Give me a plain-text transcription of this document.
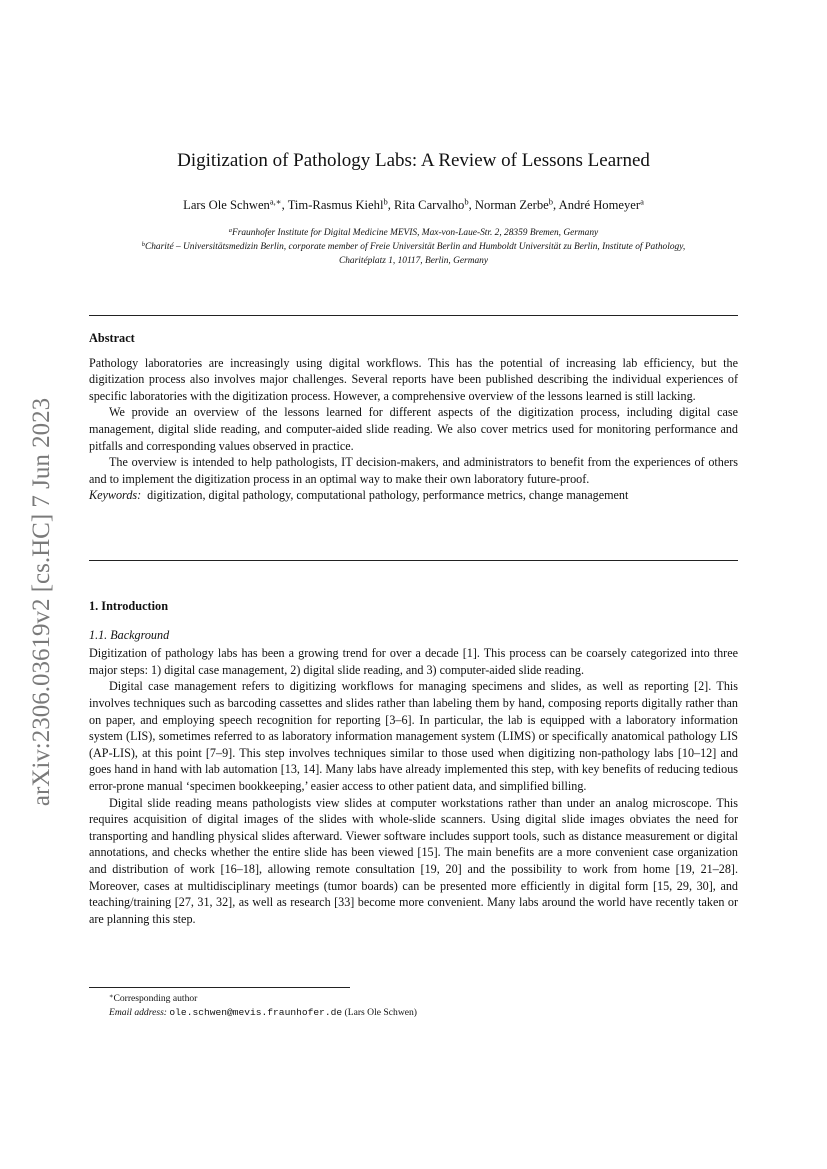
arXiv:2306.03619v2 [cs.HC] 7 Jun 2023
Digitization of Pathology Labs: A Review of Lessons Learned
Lars Ole Schwen$^{a,∗}$, Tim-Rasmus Kiehl$^b$, Rita Carvalho$^b$, Norman Zerbe$^b$, André Homeyer$^a$
$^a$Fraunhofer Institute for Digital Medicine MEVIS, Max-von-Laue-Str. 2, 28359 Bremen, Germany
$^b$Charité – Universitätsmedizin Berlin, corporate member of Freie Universität Berlin and Humboldt Universität zu Berlin, Institute of Pathology,
Charitéplatz 1, 10117, Berlin, Germany
Abstract

Pathology laboratories are increasingly using digital workflows. This has the potential of increasing lab efficiency, but the digitization process also involves major challenges. Several reports have been published describing the individual experiences of specific laboratories with the digitization process. However, a comprehensive overview of the lessons learned is still lacking.

We provide an overview of the lessons learned for different aspects of the digitization process, including digital case management, digital slide reading, and computer-aided slide reading. We also cover metrics used for monitoring performance and pitfalls and corresponding values observed in practice.

The overview is intended to help pathologists, IT decision-makers, and administrators to benefit from the experiences of others and to implement the digitization process in an optimal way to make their own laboratory future-proof.

Keywords: digitization, digital pathology, computational pathology, performance metrics, change management

1. Introduction
1.1. Background

Digitization of pathology labs has been a growing trend for over a decade [1]. This process can be coarsely categorized into three major steps: 1) digital case management, 2) digital slide reading, and 3) computer-aided slide reading.

Digital case management refers to digitizing workflows for managing specimens and slides, as well as reporting [2]. This involves techniques such as barcoding cassettes and slides rather than labeling them by hand, composing reports digitally rather than on paper, and employing speech recognition for reporting [3–6]. In particular, the lab is equipped with a laboratory information system (LIS), sometimes referred to as laboratory information management system (LIMS) or specifically anatomical pathology LIS (AP-LIS), at this point [7–9]. This step involves techniques similar to those used when digitizing non-pathology labs [10–12] and goes hand in hand with lab automation [13, 14]. Many labs have already implemented this step, with key benefits of reducing tedious error-prone manual ‘specimen bookkeeping,’ easier access to other patient data, and simplified billing.

Digital slide reading means pathologists view slides at computer workstations rather than under an analog microscope. This requires acquisition of digital images of the slides with whole-slide scanners. Using digital slide images obviates the need for transporting and handling physical slides afterward. Viewer software includes support tools, such as distance measurement or digital annotations, and checks whether the entire slide has been viewed [15]. The main benefits are a more convenient case organization and distribution of work [16–18], allowing remote consultation [19, 20] and the possibility to work from home [19, 21–28]. Moreover, cases at multidisciplinary meetings (tumor boards) can be presented more efficiently in digital form [15, 29, 30], and teaching/training [27, 31, 32], as well as research [33] become more convenient. Many labs around the world have recently taken or are planning this step.

∗Corresponding author
Email address: ole.schwen@mevis.fraunhofer.de (Lars Ole Schwen)
